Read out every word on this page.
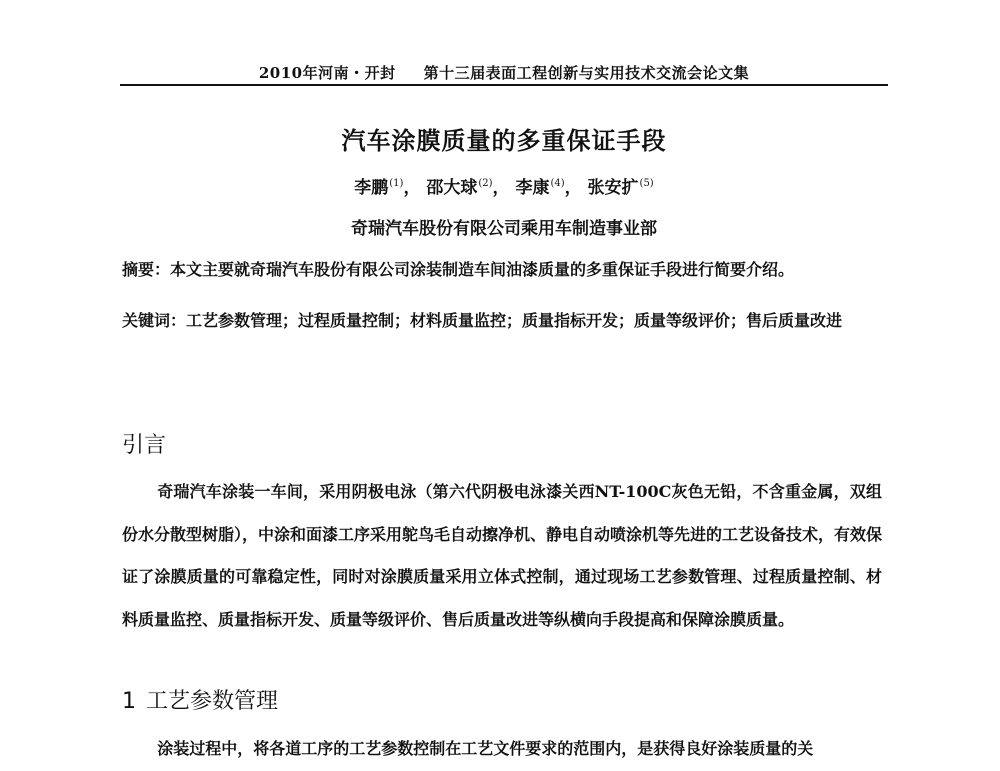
2010年河南・开封 第十三届表面工程创新与实用技术交流会论文集
汽车涂膜质量的多重保证手段
李鹏$^{(1)}$， 邵大球$^{(2)}$， 李康$^{(4)}$， 张安扩$^{(5)}$
奇瑞汽车股份有限公司乘用车制造事业部
摘要：本文主要就奇瑞汽车股份有限公司涂装制造车间油漆质量的多重保证手段进行简要介绍。
关键词：工艺参数管理；过程质量控制；材料质量监控；质量指标开发；质量等级评价；售后质量改进
引言
奇瑞汽车涂装一车间，采用阴极电泳（第六代阴极电泳漆关西NT-100C灰色无铅，不含重金属，双组份水分散型树脂），中涂和面漆工序采用鸵鸟毛自动擦净机、静电自动喷涂机等先进的工艺设备技术，有效保证了涂膜质量的可靠稳定性，同时对涂膜质量采用立体式控制，通过现场工艺参数管理、过程质量控制、材料质量监控、质量指标开发、质量等级评价、售后质量改进等纵横向手段提高和保障涂膜质量。
1 工艺参数管理
涂装过程中，将各道工序的工艺参数控制在工艺文件要求的范围内，是获得良好涂装质量的关
